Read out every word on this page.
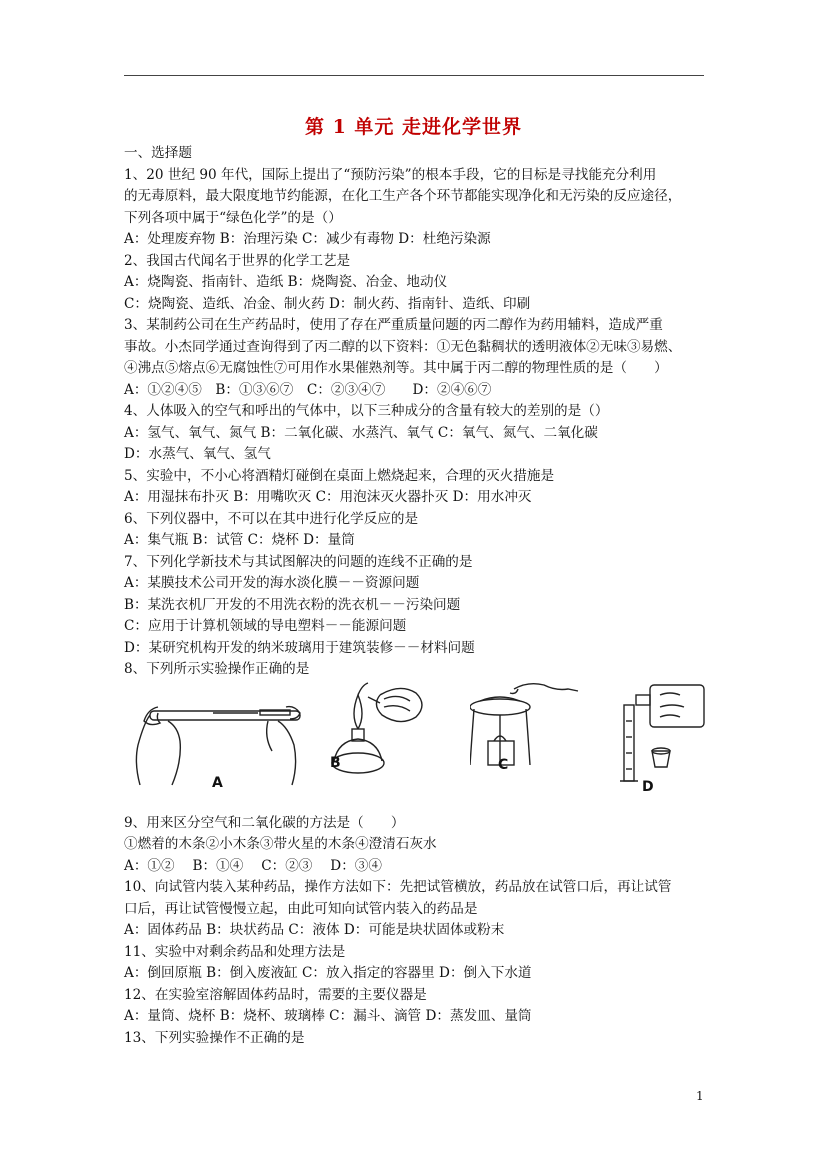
第 1 单元 走进化学世界
一、选择题
1、20 世纪 90 年代，国际上提出了“预防污染”的根本手段，它的目标是寻找能充分利用
的无毒原料，最大限度地节约能源，在化工生产各个环节都能实现净化和无污染的反应途径，
下列各项中属于“绿色化学”的是（）
A：处理废弃物 B：治理污染 C：减少有毒物 D：杜绝污染源
2、我国古代闻名于世界的化学工艺是
A：烧陶瓷、指南针、造纸 B：烧陶瓷、冶金、地动仪
C：烧陶瓷、造纸、冶金、制火药 D：制火药、指南针、造纸、印刷
3、某制药公司在生产药品时，使用了存在严重质量问题的丙二醇作为药用辅料，造成严重
事故。小杰同学通过查询得到了丙二醇的以下资料：①无色黏稠状的透明液体②无味③易燃、
④沸点⑤熔点⑥无腐蚀性⑦可用作水果催熟剂等。其中属于丙二醇的物理性质的是（　　）
A：①②④⑤　B：①③⑥⑦　C：②③④⑦　　D：②④⑥⑦
4、人体吸入的空气和呼出的气体中，以下三种成分的含量有较大的差别的是（）
A：氢气、氧气、氮气 B：二氧化碳、水蒸汽、氧气 C：氧气、氮气、二氧化碳
D：水蒸气、氧气、氢气
5、实验中，不小心将酒精灯碰倒在桌面上燃烧起来，合理的灭火措施是
A：用湿抹布扑灭 B：用嘴吹灭 C：用泡沫灭火器扑灭 D：用水冲灭
6、下列仪器中，不可以在其中进行化学反应的是
A：集气瓶 B：试管 C：烧杯 D：量筒
7、下列化学新技术与其试图解决的问题的连线不正确的是
A：某膜技术公司开发的海水淡化膜－－资源问题
B：某洗衣机厂开发的不用洗衣粉的洗衣机－－污染问题
C：应用于计算机领域的导电塑料－－能源问题
D：某研究机构开发的纳米玻璃用于建筑装修－－材料问题
8、下列所示实验操作正确的是
A
B	C
D
9、用来区分空气和二氧化碳的方法是（　　）
①燃着的木条②小木条③带火星的木条④澄清石灰水
A：①②　 B：①④　 C：②③　 D：③④
10、向试管内装入某种药品，操作方法如下：先把试管横放，药品放在试管口后，再让试管
口后，再让试管慢慢立起，由此可知向试管内装入的药品是
A：固体药品 B：块状药品 C：液体 D：可能是块状固体或粉末
11、实验中对剩余药品和处理方法是
A：倒回原瓶 B：倒入废液缸 C：放入指定的容器里 D：倒入下水道
12、在实验室溶解固体药品时，需要的主要仪器是
A：量筒、烧杯 B：烧杯、玻璃棒 C：漏斗、滴管 D：蒸发皿、量筒
13、下列实验操作不正确的是
1
